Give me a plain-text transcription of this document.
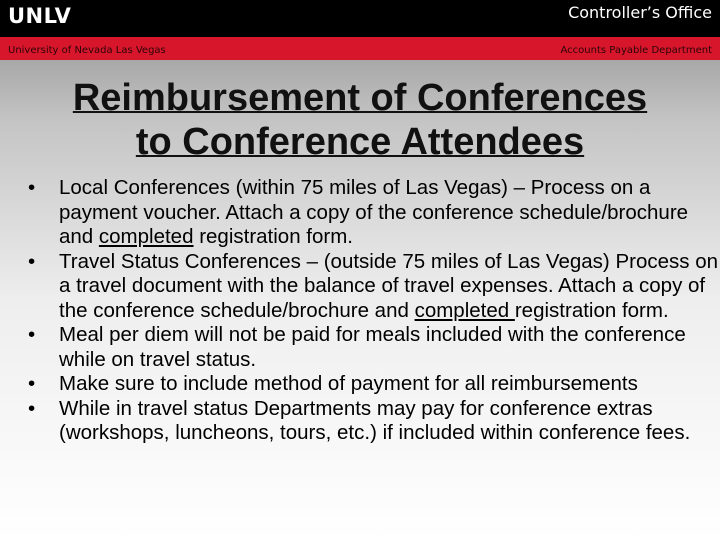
UNLV	Controller’s Office
University of Nevada Las Vegas	Accounts Payable Department
Reimbursement of Conferences
to Conference Attendees
• Local Conferences (within 75 miles of Las Vegas) – Process on a payment voucher. Attach a copy of the conference schedule/brochure and completed registration form.
• Travel Status Conferences – (outside 75 miles of Las Vegas) Process on a travel document with the balance of travel expenses. Attach a copy of the conference schedule/brochure and completed registration form.
• Meal per diem will not be paid for meals included with the conference while on travel status.
• Make sure to include method of payment for all reimbursements
• While in travel status Departments may pay for conference extras (workshops, luncheons, tours, etc.) if included within conference fees.
